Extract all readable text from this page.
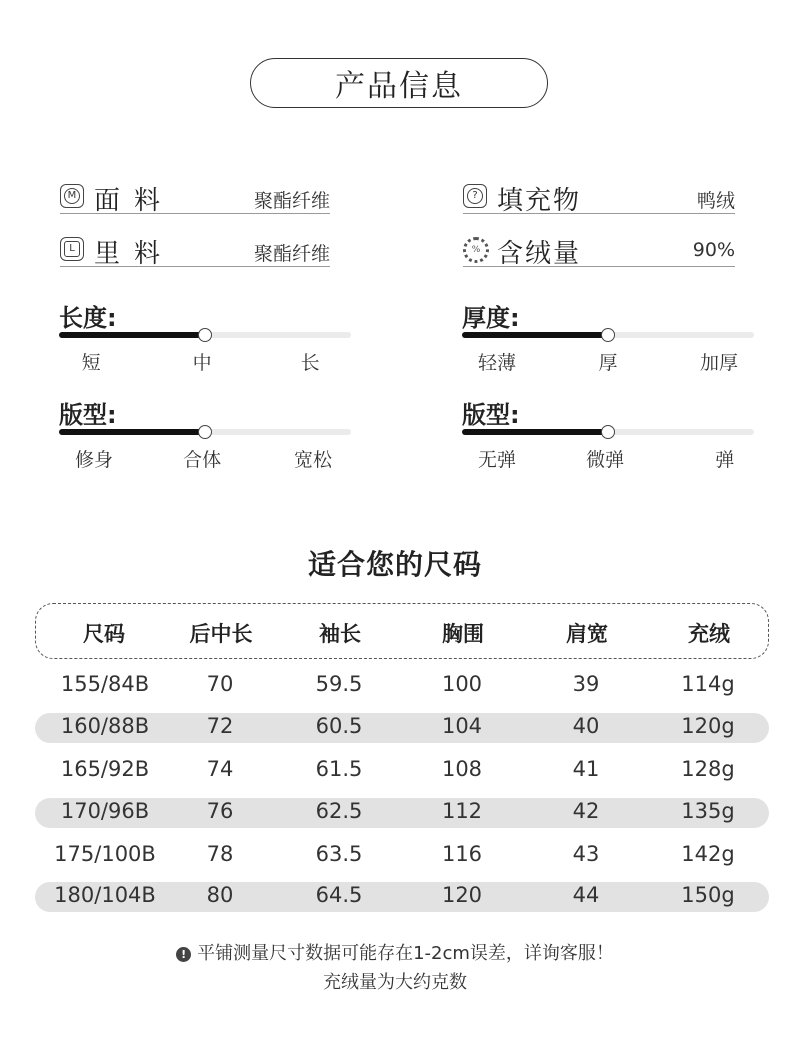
产品信息
M 面料	聚酯纤维
L 里料	聚酯纤维
? 填充物	鸭绒
% 含绒量	90%
长度:
短	中	长
厚度:
轻薄	厚	加厚
版型:
修身	合体	宽松
版型:
无弹	微弹	弹
适合您的尺码
尺码	后中长	袖长	胸围	肩宽	充绒
155/84B	70	59.5	100	39	114g
160/88B	72	60.5	104	40	120g
165/92B	74	61.5	108	41	128g
170/96B	76	62.5	112	42	135g
175/100B 78	63.5	116	43	142g
180/104B 80	64.5	120	44	150g
! 平铺测量尺寸数据可能存在1-2cm误差，详询客服！
充绒量为大约克数
